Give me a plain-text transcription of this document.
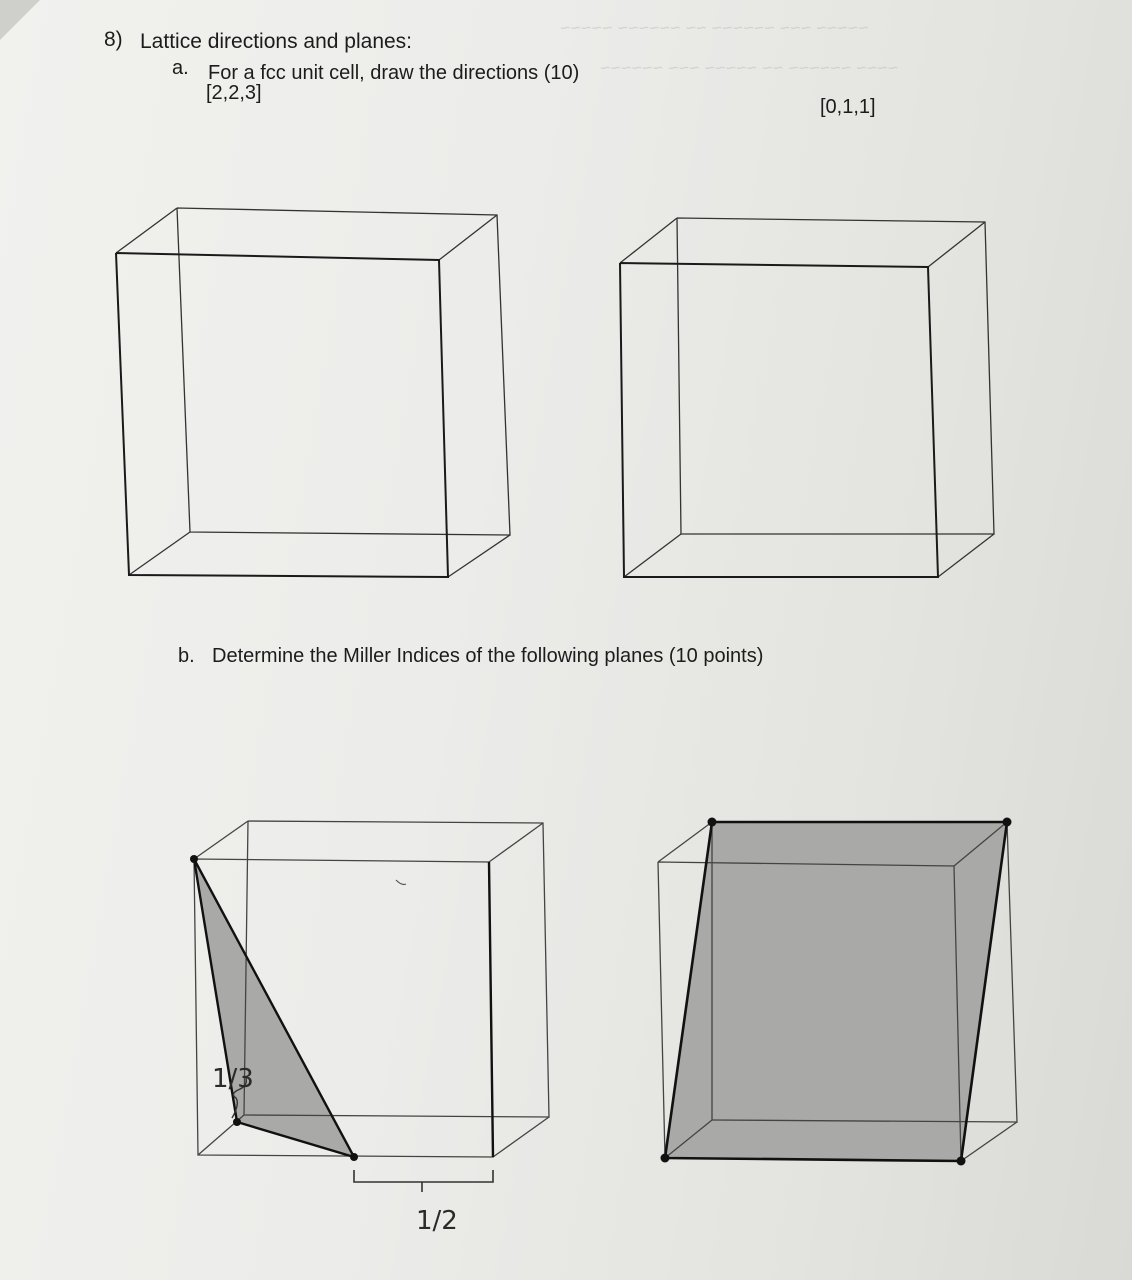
~~~~~ ~~~ ~~~~~~ ~~ ~~~~~~ ~~~~~
~~~~ ~~~~~~ ~~ ~~~~~ ~~~ ~~~~~~
8) Lattice directions and planes:
a. For a fcc unit cell, draw the directions (10)
[2,2,3]
[0,1,1]
b. Determine the Miller Indices of the following planes (10 points)
1/3
1/2
